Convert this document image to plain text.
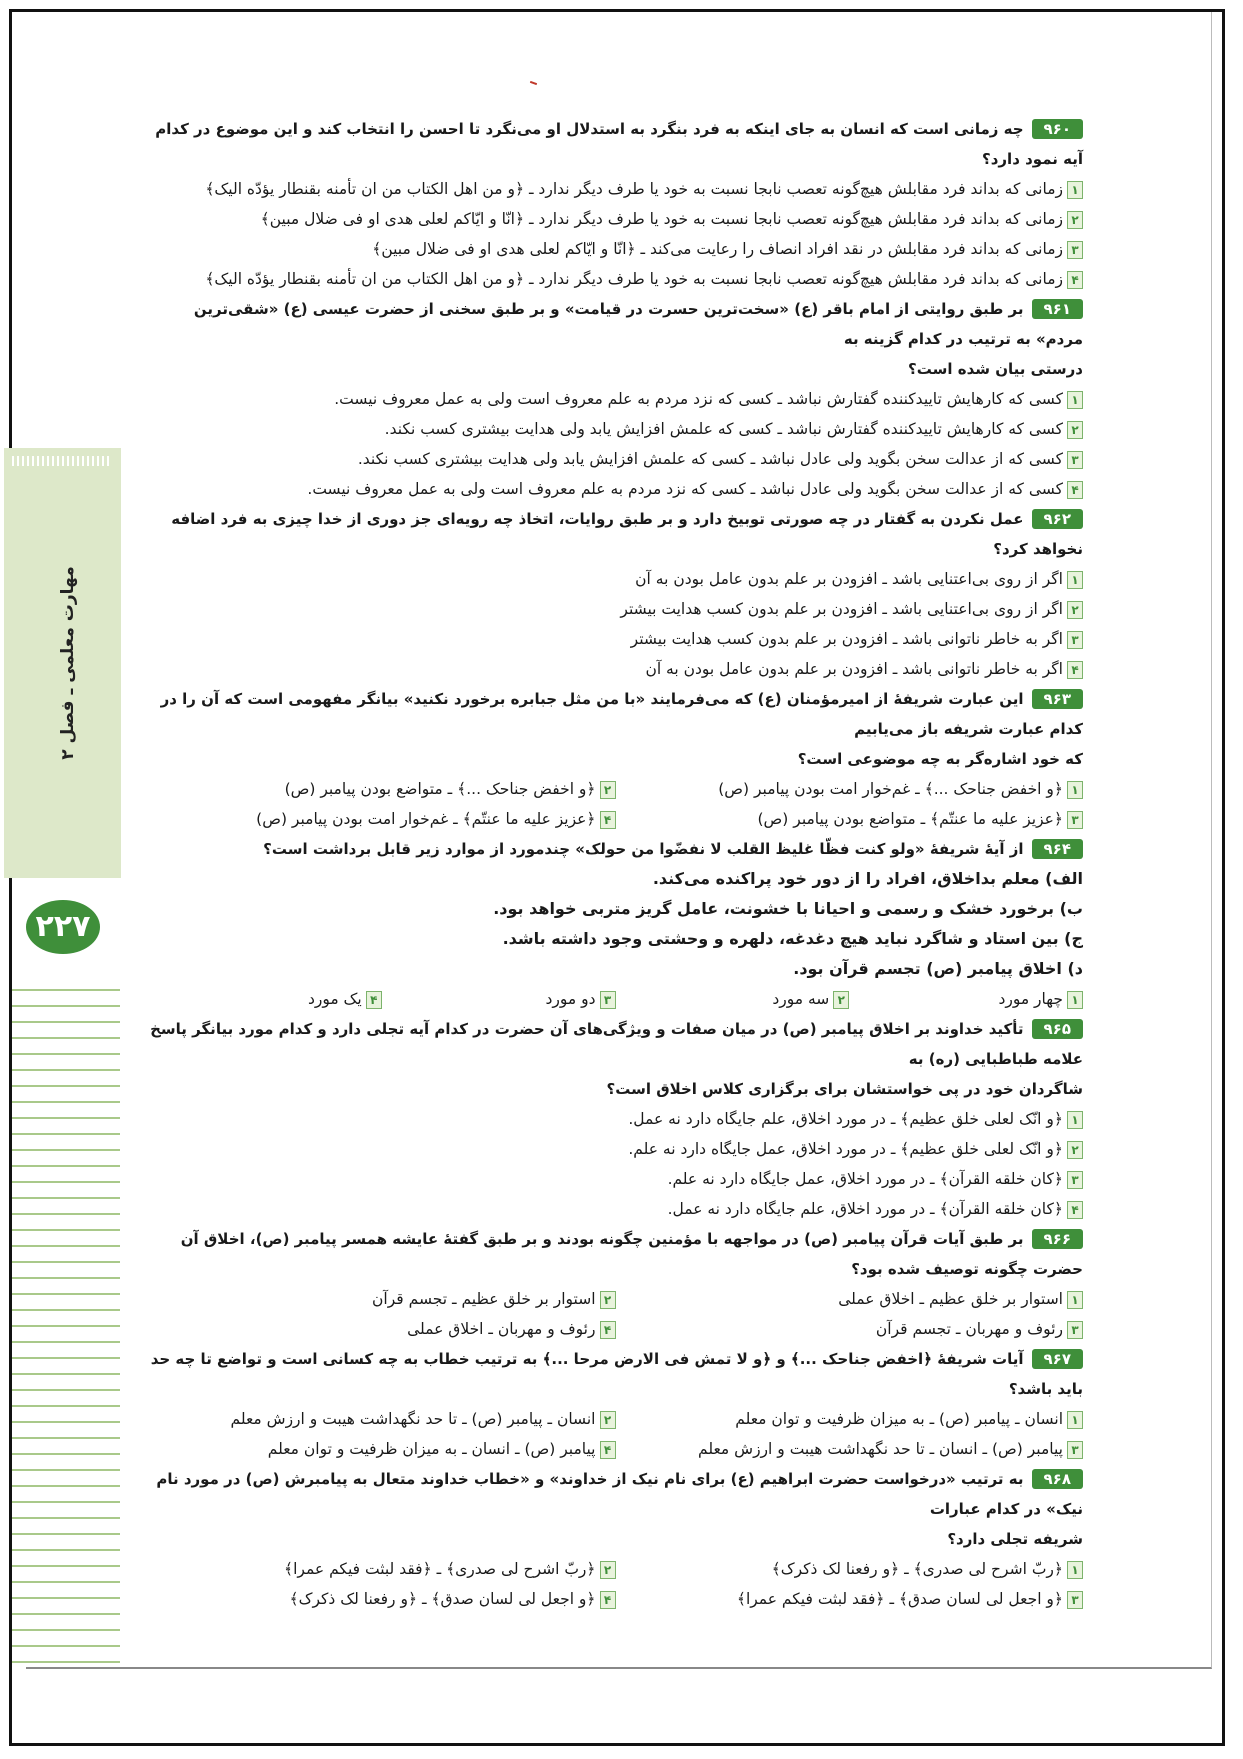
مهارت معلمی ـ فصل ۲
۲۲۷
۹۶۰چه زمانی است که انسان به جای اینکه به فرد بنگرد به استدلال او می‌نگرد تا احسن را انتخاب کند و این موضوع در کدام آیه نمود دارد؟
۱زمانی که بداند فرد مقابلش هیچ‌گونه تعصب نابجا نسبت به خود یا طرف دیگر ندارد ـ ﴿و من اهل الکتاب من ان تأمنه بقنطار یؤدّه الیک﴾
۲زمانی که بداند فرد مقابلش هیچ‌گونه تعصب نابجا نسبت به خود یا طرف دیگر ندارد ـ ﴿انّا و ایّاکم لعلی هدی او فی ضلال مبین﴾
۳زمانی که بداند فرد مقابلش در نقد افراد انصاف را رعایت می‌کند ـ ﴿انّا و ایّاکم لعلی هدی او فی ضلال مبین﴾
۴زمانی که بداند فرد مقابلش هیچ‌گونه تعصب نابجا نسبت به خود یا طرف دیگر ندارد ـ ﴿و من اهل الکتاب من ان تأمنه بقنطار یؤدّه الیک﴾
۹۶۱بر طبق روایتی از امام باقر (ع) «سخت‌ترین حسرت در قیامت» و بر طبق سخنی از حضرت عیسی (ع) «شقی‌ترین مردم» به ترتیب در کدام گزینه به
درستی بیان شده است؟
۱کسی که کارهایش تاییدکننده گفتارش نباشد ـ کسی که نزد مردم به علم معروف است ولی به عمل معروف نیست.
۲کسی که کارهایش تاییدکننده گفتارش نباشد ـ کسی که علمش افزایش یابد ولی هدایت بیشتری کسب نکند.
۳کسی که از عدالت سخن بگوید ولی عادل نباشد ـ کسی که علمش افزایش یابد ولی هدایت بیشتری کسب نکند.
۴کسی که از عدالت سخن بگوید ولی عادل نباشد ـ کسی که نزد مردم به علم معروف است ولی به عمل معروف نیست.
۹۶۲عمل نکردن به گفتار در چه صورتی توبیخ دارد و بر طبق روایات، اتخاذ چه رویه‌ای جز دوری از خدا چیزی به فرد اضافه نخواهد کرد؟
۱اگر از روی بی‌اعتنایی باشد ـ افزودن بر علم بدون عامل بودن به آن
۲اگر از روی بی‌اعتنایی باشد ـ افزودن بر علم بدون کسب هدایت بیشتر
۳اگر به خاطر ناتوانی باشد ـ افزودن بر علم بدون کسب هدایت بیشتر
۴اگر به خاطر ناتوانی باشد ـ افزودن بر علم بدون عامل بودن به آن
۹۶۳این عبارت شریفهٔ از امیرمؤمنان (ع) که می‌فرمایند «با من مثل جبابره برخورد نکنید» بیانگر مفهومی است که آن را در کدام عبارت شریفه باز می‌یابیم
که خود اشاره‌گر به چه موضوعی است؟
۱﴿و اخفض جناحک ...﴾ ـ غم‌خوار امت بودن پیامبر (ص)
۲﴿و اخفض جناحک ...﴾ ـ متواضع بودن پیامبر (ص)
۳﴿عزیز علیه ما عنتّم﴾ ـ متواضع بودن پیامبر (ص)
۴﴿عزیز علیه ما عنتّم﴾ ـ غم‌خوار امت بودن پیامبر (ص)
۹۶۴از آیهٔ شریفهٔ «ولو کنت فظّا غلیظ القلب لا نفضّوا من حولک» چندمورد از موارد زیر قابل برداشت است؟
الف) معلم بداخلاق، افراد را از دور خود پراکنده می‌کند.
ب) برخورد خشک و رسمی و احیانا با خشونت، عامل گریز متربی خواهد بود.
ج) بین استاد و شاگرد نباید هیچ دغدغه، دلهره و وحشتی وجود داشته باشد.
د) اخلاق پیامبر (ص) تجسم قرآن بود.
۱چهار مورد
۲سه مورد
۳دو مورد
۴یک مورد
۹۶۵تأکید خداوند بر اخلاق پیامبر (ص) در میان صفات و ویژگی‌های آن حضرت در کدام آیه تجلی دارد و کدام مورد بیانگر پاسخ علامه طباطبایی (ره) به
شاگردان خود در پی خواستشان برای برگزاری کلاس اخلاق است؟
۱﴿و انّک لعلی خلق عظیم﴾ ـ در مورد اخلاق، علم جایگاه دارد نه عمل.
۲﴿و انّک لعلی خلق عظیم﴾ ـ در مورد اخلاق، عمل جایگاه دارد نه علم.
۳﴿کان خلقه القرآن﴾ ـ در مورد اخلاق، عمل جایگاه دارد نه علم.
۴﴿کان خلقه القرآن﴾ ـ در مورد اخلاق، علم جایگاه دارد نه عمل.
۹۶۶بر طبق آیات قرآن پیامبر (ص) در مواجهه با مؤمنین چگونه بودند و بر طبق گفتهٔ عایشه همسر پیامبر (ص)، اخلاق آن حضرت چگونه توصیف شده بود؟
۱استوار بر خلق عظیم ـ اخلاق عملی
۲استوار بر خلق عظیم ـ تجسم قرآن
۳رئوف و مهربان ـ تجسم قرآن
۴رئوف و مهربان ـ اخلاق عملی
۹۶۷آیات شریفهٔ ﴿اخفض جناحک ...﴾ و ﴿و لا تمش فی الارض مرحا ...﴾ به ترتیب خطاب به چه کسانی است و تواضع تا چه حد باید باشد؟
۱انسان ـ پیامبر (ص) ـ به میزان ظرفیت و توان معلم
۲انسان ـ پیامبر (ص) ـ تا حد نگهداشت هیبت و ارزش معلم
۳پیامبر (ص) ـ انسان ـ تا حد نگهداشت هیبت و ارزش معلم
۴پیامبر (ص) ـ انسان ـ به میزان ظرفیت و توان معلم
۹۶۸به ترتیب «درخواست حضرت ابراهیم (ع) برای نام نیک از خداوند» و «خطاب خداوند متعال به پیامبرش (ص) در مورد نام نیک» در کدام عبارات
شریفه تجلی دارد؟
۱﴿ربّ اشرح لی صدری﴾ ـ ﴿و رفعنا لک ذکرک﴾
۲﴿ربّ اشرح لی صدری﴾ ـ ﴿فقد لبثت فیکم عمرا﴾
۳﴿و اجعل لی لسان صدق﴾ ـ ﴿فقد لبثت فیکم عمرا﴾
۴﴿و اجعل لی لسان صدق﴾ ـ ﴿و رفعنا لک ذکرک﴾
